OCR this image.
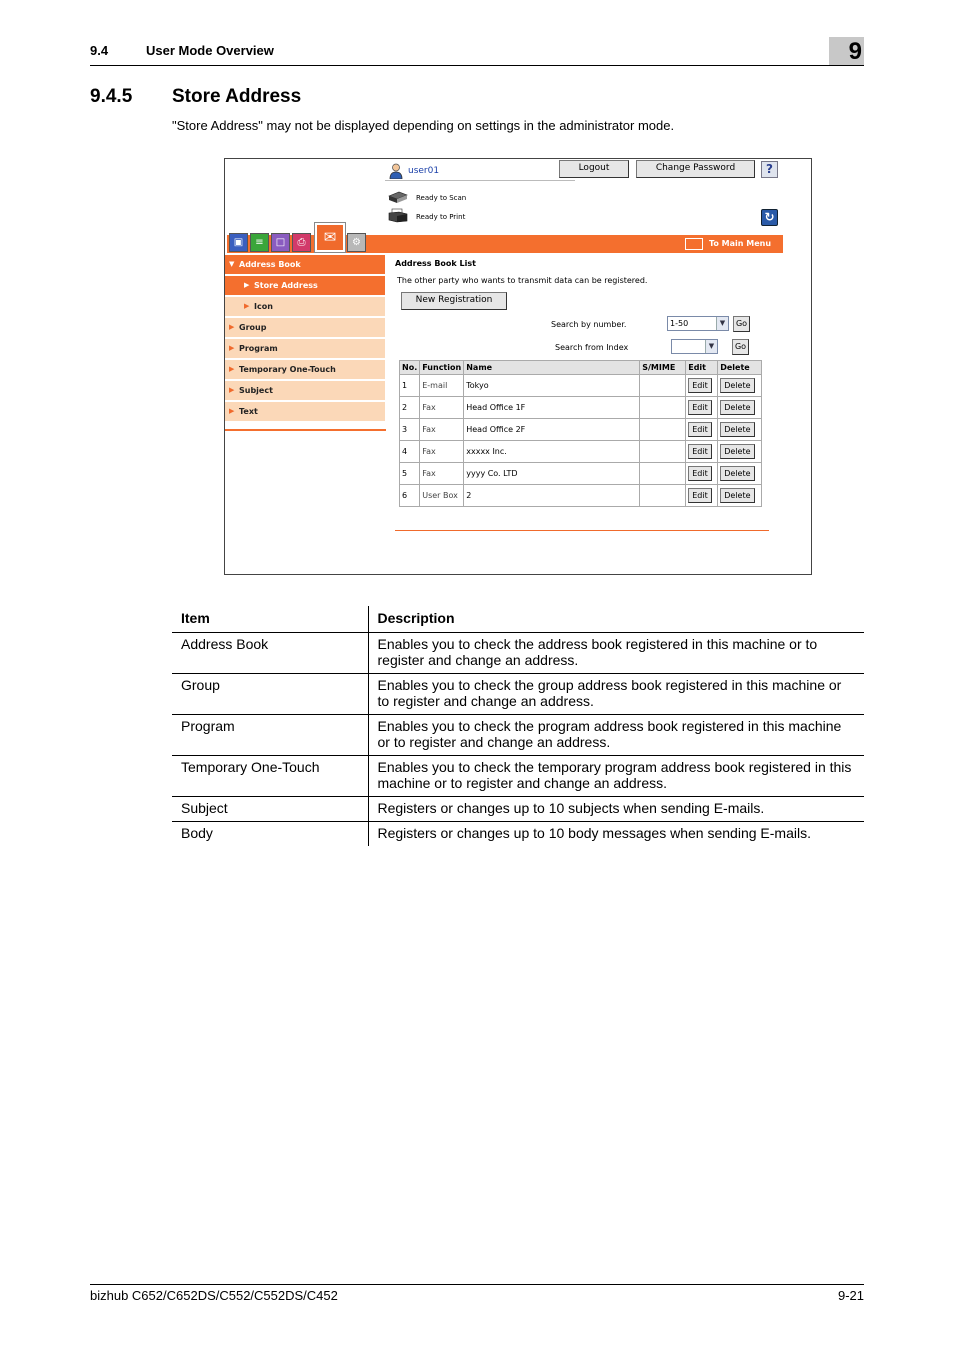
9.4	User Mode Overview	9
9.4.5 Store Address
"Store Address" may not be displayed depending on settings in the administrator mode.
user01	Logout	Change Password	?
Ready to Scan
Ready to Print	↻
▣	≡	□	⎙	✉	⚙	To Main Menu
▼ Address Book
▶ Store Address
▶ Icon
▶ Group
▶ Program
▶ Temporary One-Touch
▶ Subject
▶ Text
Address Book List
The other party who wants to transmit data can be registered.
New Registration
Search by number.	1-50	▼	Go
Search from Index	▼	Go
No.	Function	Name	S/MIME	Edit	Delete
1	E-mail	Tokyo		Edit	Delete
2	Fax	Head Office 1F		Edit	Delete
3	Fax	Head Office 2F		Edit	Delete
4	Fax	xxxxx Inc.		Edit	Delete
5	Fax	yyyy Co. LTD		Edit	Delete
6	User Box	2		Edit	Delete
Item	Description
Address Book	Enables you to check the address book registered in this machine or to register and change an address.
Group	Enables you to check the group address book registered in this machine or to register and change an address.
Program	Enables you to check the program address book registered in this machine or to register and change an address.
Temporary One-Touch	Enables you to check the temporary program address book registered in this machine or to register and change an address.
Subject	Registers or changes up to 10 subjects when sending E-mails.
Body	Registers or changes up to 10 body messages when sending E-mails.
bizhub C652/C652DS/C552/C552DS/C452	9-21
